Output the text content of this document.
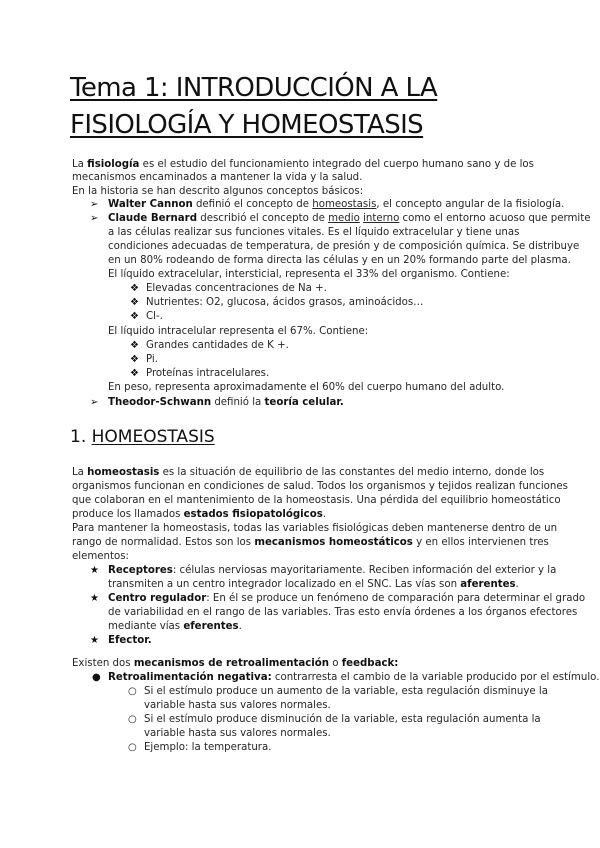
Tema 1: INTRODUCCIÓN A LA
FISIOLOGÍA Y HOMEOSTASIS
La fisiología es el estudio del funcionamiento integrado del cuerpo humano sano y de los
mecanismos encaminados a mantener la vida y la salud.
En la historia se han descrito algunos conceptos básicos:
➢ Walter Cannon definió el concepto de homeostasis, el concepto angular de la fisiología.
➢ Claude Bernard describió el concepto de medio interno como el entorno acuoso que permite
a las células realizar sus funciones vitales. Es el líquido extracelular y tiene unas
condiciones adecuadas de temperatura, de presión y de composición química. Se distribuye
en un 80% rodeando de forma directa las células y en un 20% formando parte del plasma.
El líquido extracelular, intersticial, representa el 33% del organismo. Contiene:
❖ Elevadas concentraciones de Na +.
❖ Nutrientes: O2, glucosa, ácidos grasos, aminoácidos…
❖ Cl-.
El líquido intracelular representa el 67%. Contiene:
❖ Grandes cantidades de K +.
❖ Pi.
❖ Proteínas intracelulares.
En peso, representa aproximadamente el 60% del cuerpo humano del adulto.
➢ Theodor-Schwann definió la teoría celular.
1. HOMEOSTASIS
La homeostasis es la situación de equilibrio de las constantes del medio interno, donde los
organismos funcionan en condiciones de salud. Todos los organismos y tejidos realizan funciones
que colaboran en el mantenimiento de la homeostasis. Una pérdida del equilibrio homeostático
produce los llamados estados fisiopatológicos.
Para mantener la homeostasis, todas las variables fisiológicas deben mantenerse dentro de un
rango de normalidad. Estos son los mecanismos homeostáticos y en ellos intervienen tres
elementos:
★ Receptores: células nerviosas mayoritariamente. Reciben información del exterior y la
transmiten a un centro integrador localizado en el SNC. Las vías son aferentes.
★ Centro regulador: En él se produce un fenómeno de comparación para determinar el grado
de variabilidad en el rango de las variables. Tras esto envía órdenes a los órganos efectores
mediante vías eferentes.
★ Efector.
Existen dos mecanismos de retroalimentación o feedback:
● Retroalimentación negativa: contrarresta el cambio de la variable producido por el estímulo.
○ Si el estímulo produce un aumento de la variable, esta regulación disminuye la
variable hasta sus valores normales.
○ Si el estímulo produce disminución de la variable, esta regulación aumenta la
variable hasta sus valores normales.
○ Ejemplo: la temperatura.
